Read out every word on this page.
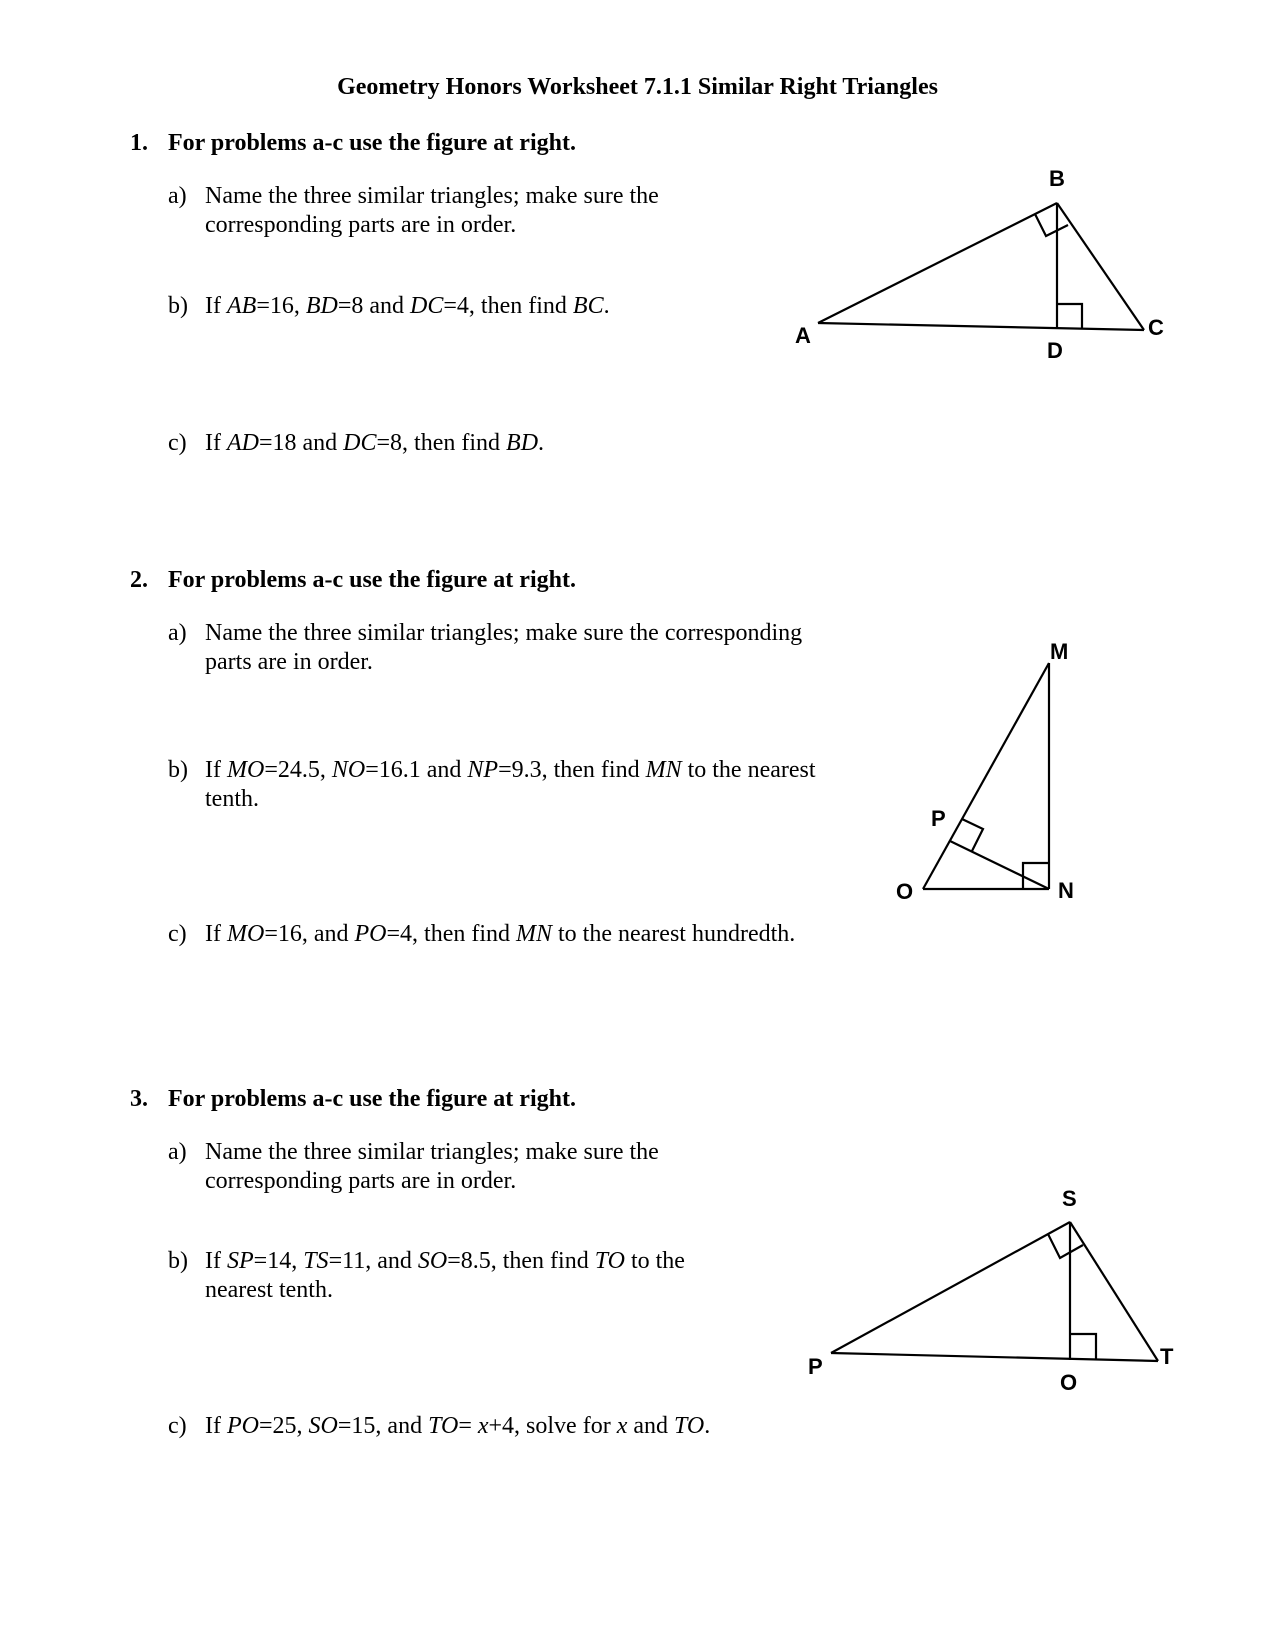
Geometry Honors Worksheet 7.1.1 Similar Right Triangles
1. For problems a-c use the figure at right.
a) Name the three similar triangles; make sure the
corresponding parts are in order.
b) If AB=16, BD=8 and DC=4, then find BC.
c) If AD=18 and DC=8, then find BD.
2. For problems a-c use the figure at right.
a) Name the three similar triangles; make sure the corresponding
parts are in order.
b) If MO=24.5, NO=16.1 and NP=9.3, then find MN to the nearest
tenth.
c) If MO=16, and PO=4, then find MN to the nearest hundredth.
3. For problems a-c use the figure at right.
a) Name the three similar triangles; make sure the
corresponding parts are in order.
b) If SP=14, TS=11, and SO=8.5, then find TO to the
nearest tenth.
c) If PO=25, SO=15, and TO= x+4, solve for x and TO.
B
A	C
D
M
P
O	N
S
P	T
O
